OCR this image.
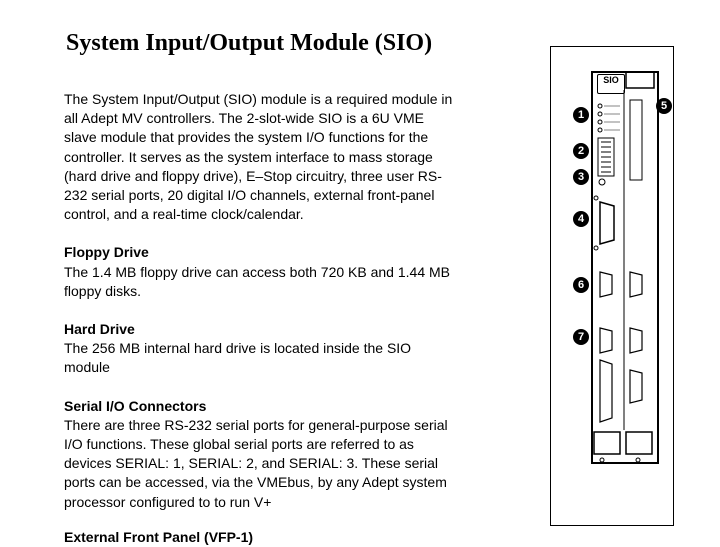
System Input/Output Module (SIO)

The System Input/Output (SIO) module is a required module in

all Adept MV controllers. The 2-slot-wide SIO is a 6U VME

slave module that provides the system I/O functions for the

controller. It serves as the system interface to mass storage

(hard drive and floppy drive), E–Stop circuitry, three user RS-

232 serial ports, 20 digital I/O channels, external front-panel

control, and a real-time clock/calendar.

Floppy Drive

The 1.4 MB floppy drive can access both 720 KB and 1.44 MB

floppy disks.

Hard Drive

The 256 MB internal hard drive is located inside the SIO

module

Serial I/O Connectors

There are three RS-232 serial ports for general-purpose serial

I/O functions. These global serial ports are referred to as

devices SERIAL: 1, SERIAL: 2, and SERIAL: 3. These serial

ports can be accessed, via the VMEbus, by any Adept system

processor configured to to run V+

External Front Panel (VFP-1)

SIO
1
2
3
4
5
6
7
